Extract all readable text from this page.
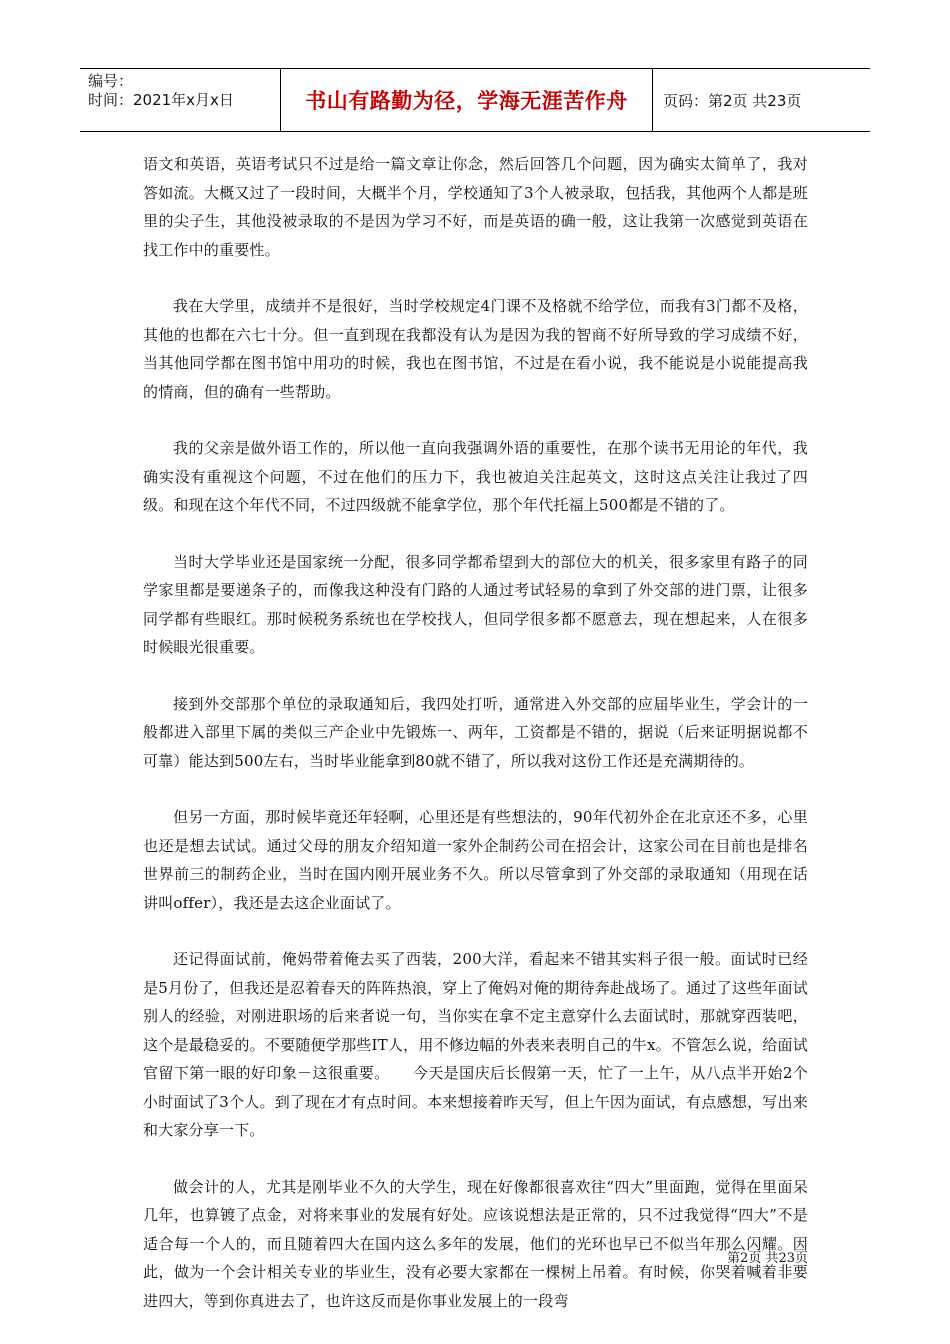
编号：
时间：2021年x月x日	书山有路勤为径，学海无涯苦作舟	页码：第2页 共23页

语文和英语，英语考试只不过是给一篇文章让你念，然后回答几个问题，因为确实太简单了，我对答如流。大概又过了一段时间，大概半个月，学校通知了3个人被录取，包括我，其他两个人都是班里的尖子生，其他没被录取的不是因为学习不好，而是英语的确一般，这让我第一次感觉到英语在找工作中的重要性。

我在大学里，成绩并不是很好，当时学校规定4门课不及格就不给学位，而我有3门都不及格，其他的也都在六七十分。但一直到现在我都没有认为是因为我的智商不好所导致的学习成绩不好，当其他同学都在图书馆中用功的时候，我也在图书馆，不过是在看小说，我不能说是小说能提高我的情商，但的确有一些帮助。

我的父亲是做外语工作的，所以他一直向我强调外语的重要性，在那个读书无用论的年代，我确实没有重视这个问题，不过在他们的压力下，我也被迫关注起英文，这时这点关注让我过了四级。和现在这个年代不同，不过四级就不能拿学位，那个年代托福上500都是不错的了。

当时大学毕业还是国家统一分配，很多同学都希望到大的部位大的机关，很多家里有路子的同学家里都是要递条子的，而像我这种没有门路的人通过考试轻易的拿到了外交部的进门票，让很多同学都有些眼红。那时候税务系统也在学校找人，但同学很多都不愿意去，现在想起来，人在很多时候眼光很重要。

接到外交部那个单位的录取通知后，我四处打听，通常进入外交部的应届毕业生，学会计的一般都进入部里下属的类似三产企业中先锻炼一、两年，工资都是不错的，据说（后来证明据说都不可靠）能达到500左右，当时毕业能拿到80就不错了，所以我对这份工作还是充满期待的。

但另一方面，那时候毕竟还年轻啊，心里还是有些想法的，90年代初外企在北京还不多，心里也还是想去试试。通过父母的朋友介绍知道一家外企制药公司在招会计，这家公司在目前也是排名世界前三的制药企业，当时在国内刚开展业务不久。所以尽管拿到了外交部的录取通知（用现在话讲叫offer），我还是去这企业面试了。

还记得面试前，俺妈带着俺去买了西装，200大洋，看起来不错其实料子很一般。面试时已经是5月份了，但我还是忍着春天的阵阵热浪，穿上了俺妈对俺的期待奔赴战场了。通过了这些年面试别人的经验，对刚进职场的后来者说一句，当你实在拿不定主意穿什么去面试时，那就穿西装吧，这个是最稳妥的。不要随便学那些IT人，用不修边幅的外表来表明自己的牛x。不管怎么说，给面试官留下第一眼的好印象－这很重要。　　今天是国庆后长假第一天，忙了一上午，从八点半开始2个小时面试了3个人。到了现在才有点时间。本来想接着昨天写，但上午因为面试，有点感想，写出来和大家分享一下。

做会计的人，尤其是刚毕业不久的大学生，现在好像都很喜欢往“四大”里面跑，觉得在里面呆几年，也算镀了点金，对将来事业的发展有好处。应该说想法是正常的，只不过我觉得“四大”不是适合每一个人的，而且随着四大在国内这么多年的发展，他们的光环也早已不似当年那么闪耀。因此，做为一个会计相关专业的毕业生，没有必要大家都在一棵树上吊着。有时候，你哭着喊着非要进四大，等到你真进去了，也许这反而是你事业发展上的一段弯

第2页 共23页
